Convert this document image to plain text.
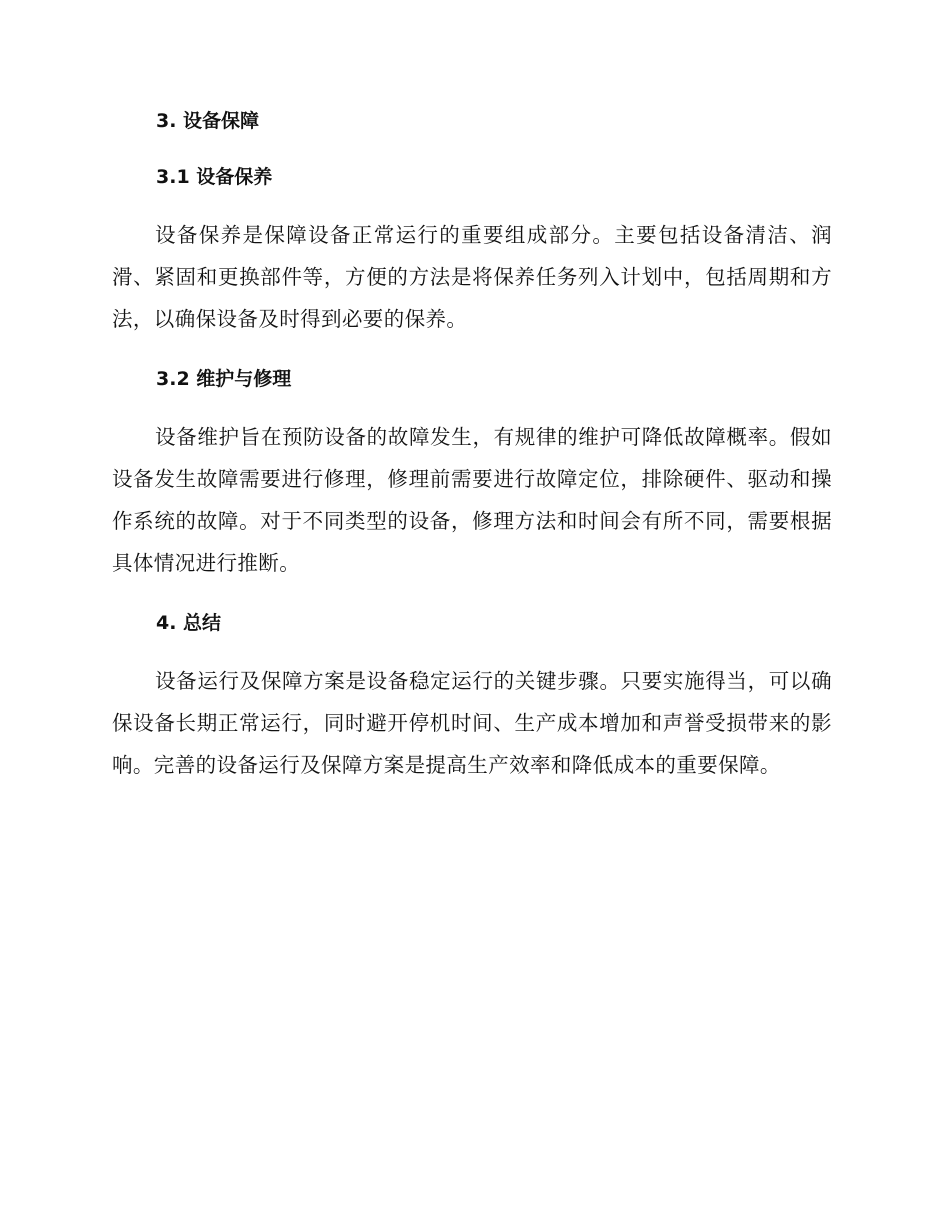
3. 设备保障
3.1 设备保养

设备保养是保障设备正常运行的重要组成部分。主要包括设备清洁、润滑、紧固和更换部件等，方便的方法是将保养任务列入计划中，包括周期和方法，以确保设备及时得到必要的保养。

3.2 维护与修理

设备维护旨在预防设备的故障发生，有规律的维护可降低故障概率。假如设备发生故障需要进行修理，修理前需要进行故障定位，排除硬件、驱动和操作系统的故障。对于不同类型的设备，修理方法和时间会有所不同，需要根据具体情况进行推断。

4. 总结

设备运行及保障方案是设备稳定运行的关键步骤。只要实施得当，可以确保设备长期正常运行，同时避开停机时间、生产成本增加和声誉受损带来的影响。完善的设备运行及保障方案是提高生产效率和降低成本的重要保障。
